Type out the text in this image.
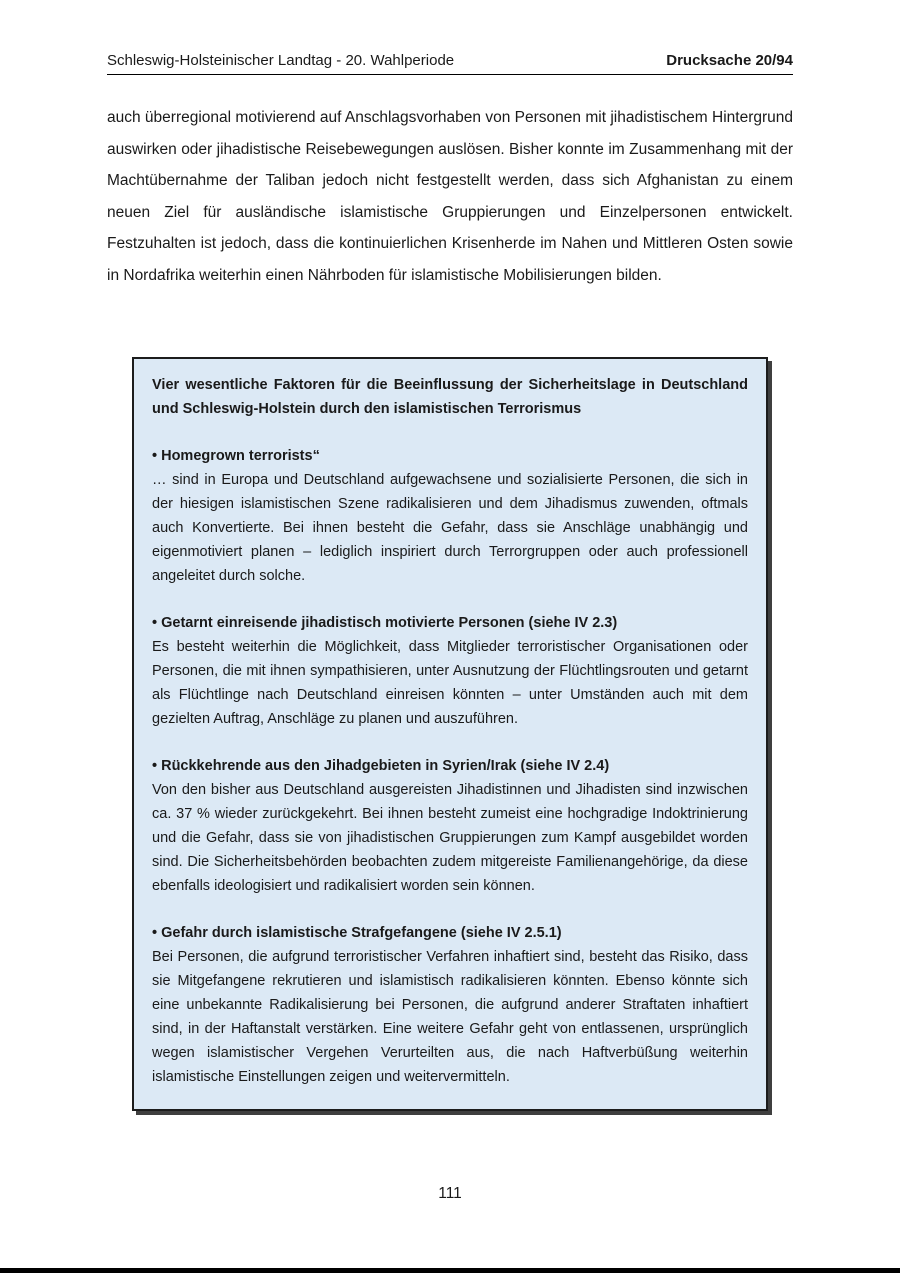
Schleswig-Holsteinischer Landtag - 20. Wahlperiode	Drucksache 20/94

auch überregional motivierend auf Anschlagsvorhaben von Personen mit jihadistischem Hintergrund auswirken oder jihadistische Reisebewegungen auslösen. Bisher konnte im Zusammenhang mit der Machtübernahme der Taliban jedoch nicht festgestellt werden, dass sich Afghanistan zu einem neuen Ziel für ausländische islamistische Gruppierungen und Einzelpersonen entwickelt. Festzuhalten ist jedoch, dass die kontinuierlichen Krisenherde im Nahen und Mittleren Osten sowie in Nordafrika weiterhin einen Nährboden für islamistische Mobilisierungen bilden.

Vier wesentliche Faktoren für die Beeinflussung der Sicherheitslage in Deutschland und Schleswig-Holstein durch den islamistischen Terrorismus
• Homegrown terrorists“
… sind in Europa und Deutschland aufgewachsene und sozialisierte Personen, die sich in der hiesigen islamistischen Szene radikalisieren und dem Jihadismus zuwenden, oftmals auch Konvertierte. Bei ihnen besteht die Gefahr, dass sie Anschläge unabhängig und eigenmotiviert planen – lediglich inspiriert durch Terrorgruppen oder auch professionell angeleitet durch solche.
• Getarnt einreisende jihadistisch motivierte Personen (siehe IV 2.3)
Es besteht weiterhin die Möglichkeit, dass Mitglieder terroristischer Organisationen oder Personen, die mit ihnen sympathisieren, unter Ausnutzung der Flüchtlingsrouten und getarnt als Flüchtlinge nach Deutschland einreisen könnten – unter Umständen auch mit dem gezielten Auftrag, Anschläge zu planen und auszuführen.
• Rückkehrende aus den Jihadgebieten in Syrien/Irak (siehe IV 2.4)
Von den bisher aus Deutschland ausgereisten Jihadistinnen und Jihadisten sind inzwischen ca. 37 % wieder zurückgekehrt. Bei ihnen besteht zumeist eine hochgradige Indoktrinierung und die Gefahr, dass sie von jihadistischen Gruppierungen zum Kampf ausgebildet worden sind. Die Sicherheitsbehörden beobachten zudem mitgereiste Familienangehörige, da diese ebenfalls ideologisiert und radikalisiert worden sein können.
• Gefahr durch islamistische Strafgefangene (siehe IV 2.5.1)
Bei Personen, die aufgrund terroristischer Verfahren inhaftiert sind, besteht das Risiko, dass sie Mitgefangene rekrutieren und islamistisch radikalisieren könnten. Ebenso könnte sich eine unbekannte Radikalisierung bei Personen, die aufgrund anderer Straftaten inhaftiert sind, in der Haftanstalt verstärken. Eine weitere Gefahr geht von entlassenen, ursprünglich wegen islamistischer Vergehen Verurteilten aus, die nach Haftverbüßung weiterhin islamistische Einstellungen zeigen und weitervermitteln.
111
